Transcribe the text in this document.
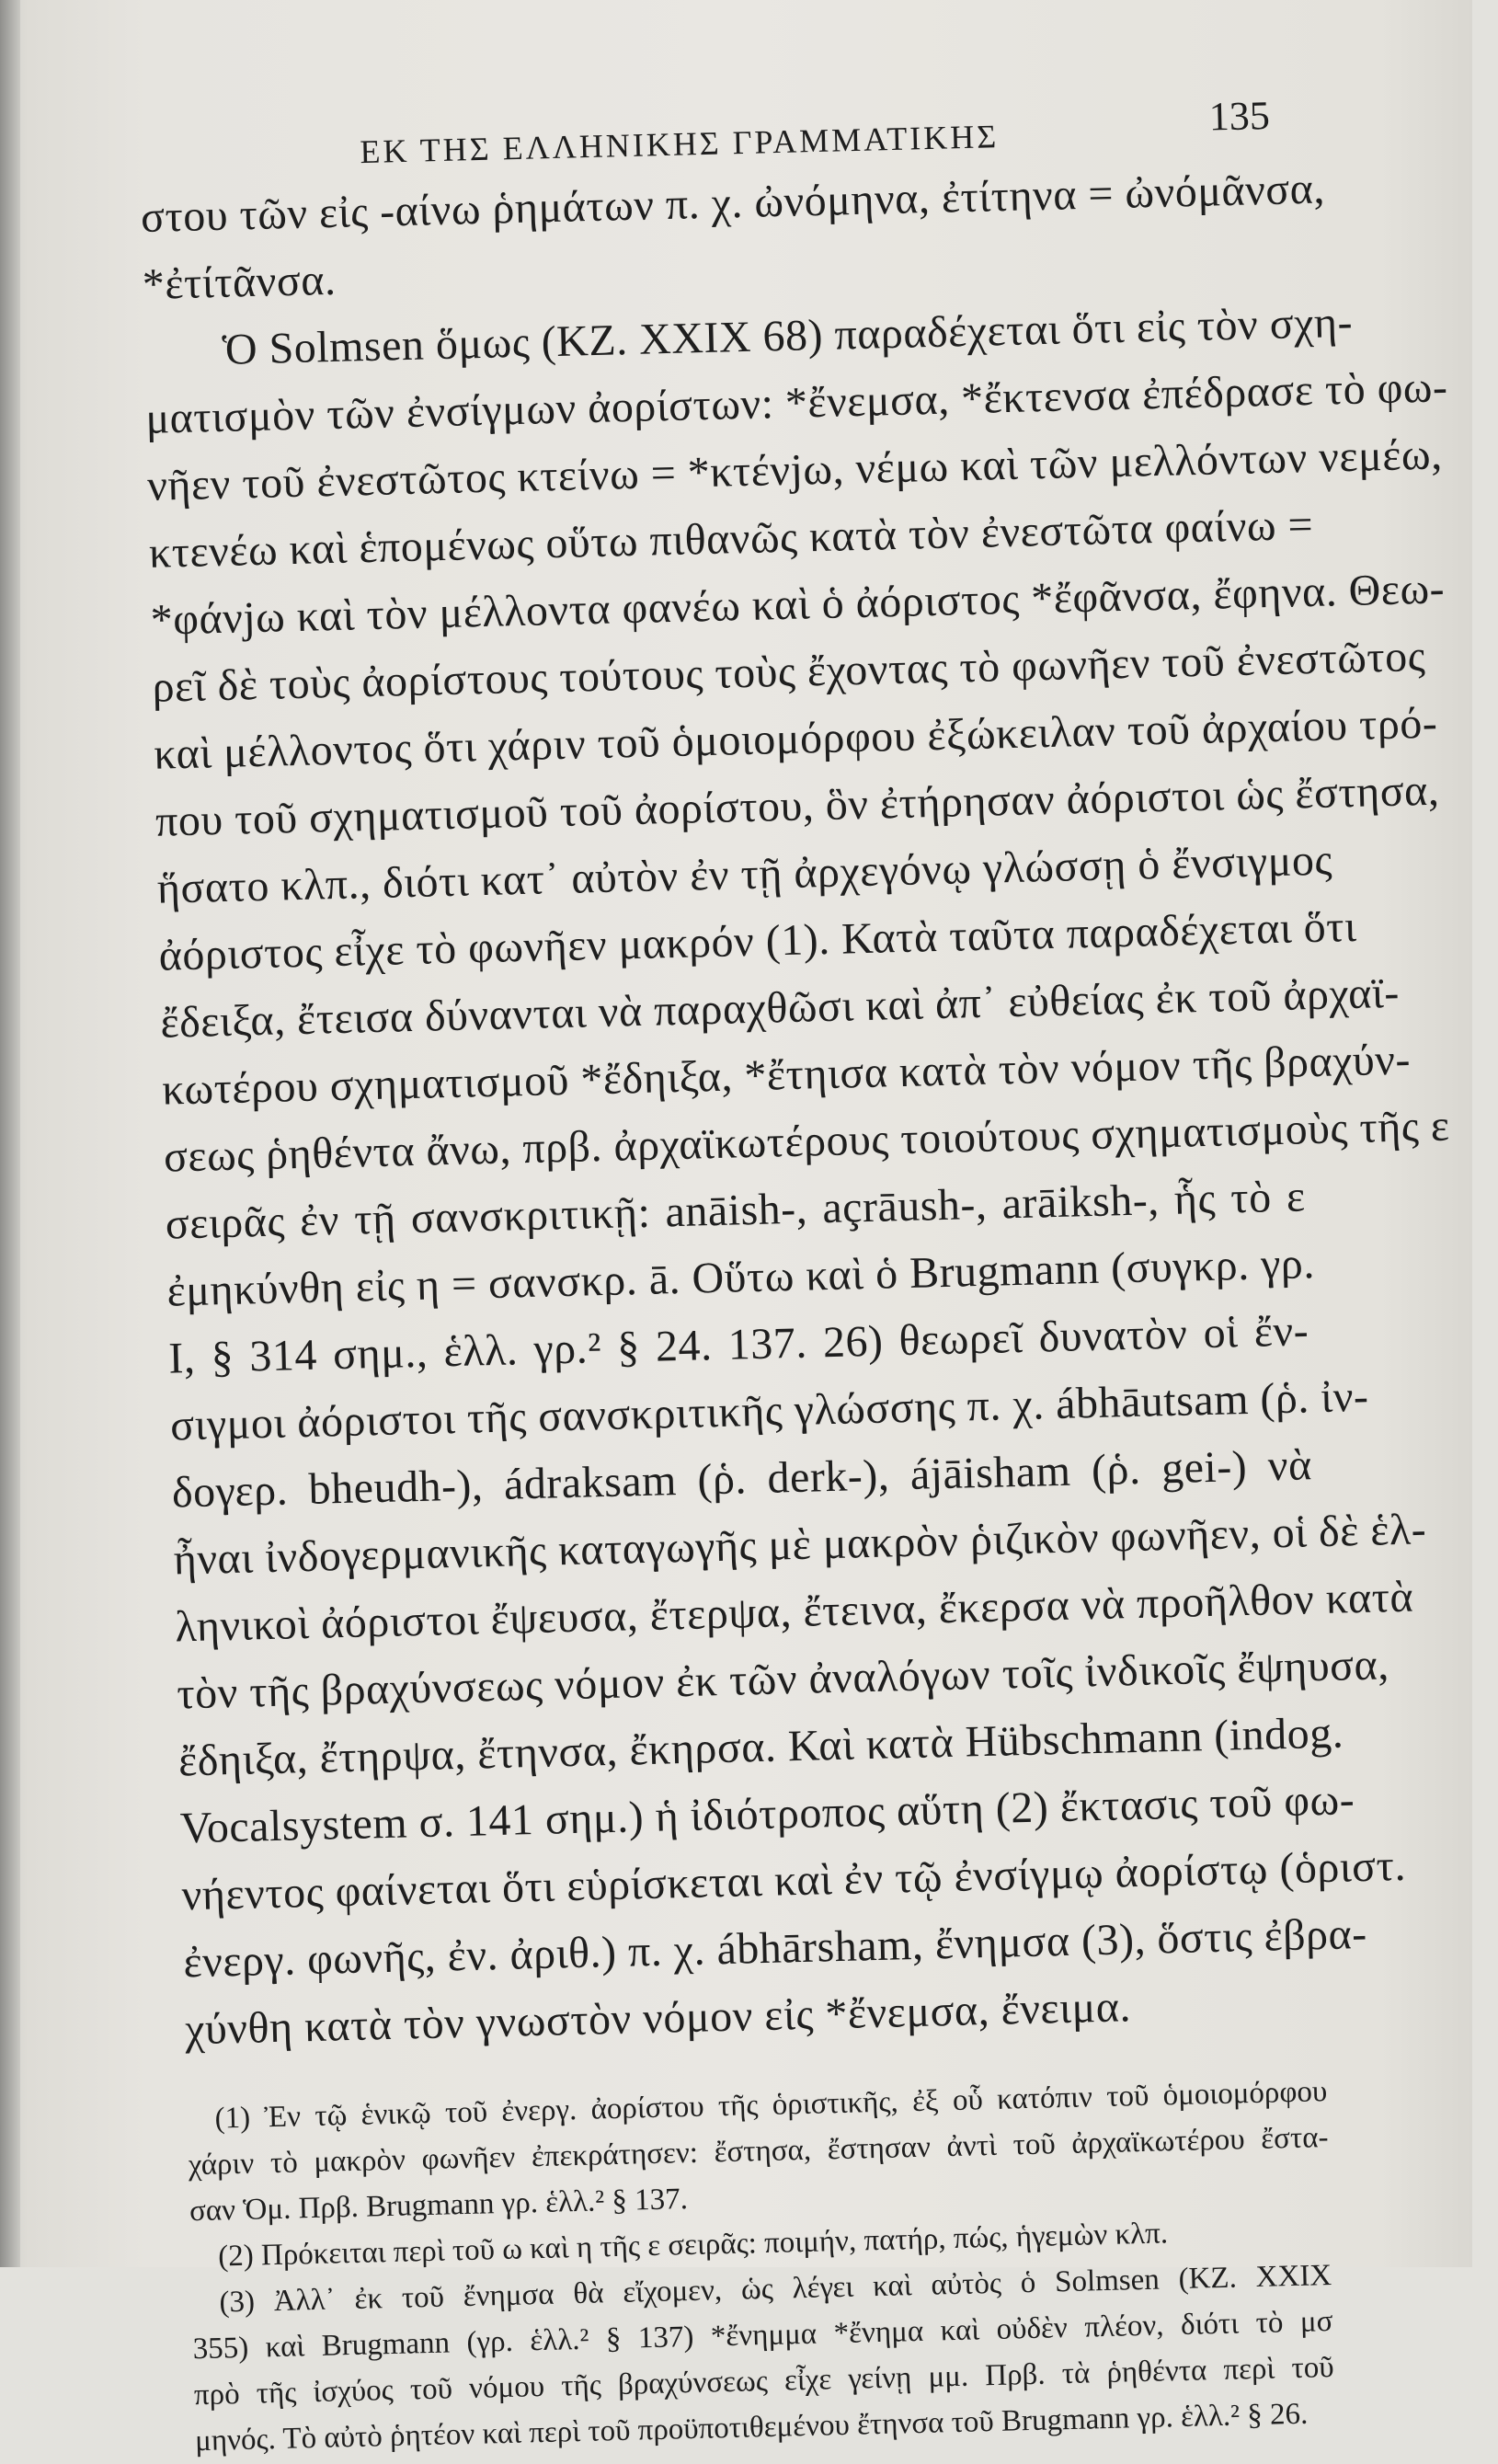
ΕΚ ΤΗΣ ΕΛΛΗΝΙΚΗΣ ΓΡΑΜΜΑΤΙΚΗΣ
135

στου τῶν εἰς -αίνω ῥημάτων π. χ. ὠνόμηνα, ἐτίτηνα = ὠνόμᾶνσα,

*ἐτίτᾶνσα.

Ὁ Solmsen ὅμως (KZ. XXIX 68) παραδέχεται ὅτι εἰς τὸν σχη-

ματισμὸν τῶν ἐνσίγμων ἀορίστων: *ἔνεμσα, *ἔκτενσα ἐπέδρασε τὸ φω-

νῆεν τοῦ ἐνεστῶτος κτείνω = *κτένjω, νέμω καὶ τῶν μελλόντων νεμέω,

κτενέω καὶ ἑπομένως οὕτω πιθανῶς κατὰ τὸν ἐνεστῶτα φαίνω =

*φάνjω καὶ τὸν μέλλοντα φανέω καὶ ὁ ἀόριστος *ἔφᾶνσα, ἔφηνα. Θεω-

ρεῖ δὲ τοὺς ἀορίστους τούτους τοὺς ἔχοντας τὸ φωνῆεν τοῦ ἐνεστῶτος

καὶ μέλλοντος ὅτι χάριν τοῦ ὁμοιομόρφου ἐξώκειλαν τοῦ ἀρχαίου τρό-

που τοῦ σχηματισμοῦ τοῦ ἀορίστου, ὃν ἐτήρησαν ἀόριστοι ὡς ἔστησα,

ἥσατο κλπ., διότι κατ᾿ αὐτὸν ἐν τῇ ἀρχεγόνῳ γλώσσῃ ὁ ἔνσιγμος

ἀόριστος εἶχε τὸ φωνῆεν μακρόν (1). Κατὰ ταῦτα παραδέχεται ὅτι

ἔδειξα, ἔτεισα δύνανται νὰ παραχθῶσι καὶ ἀπ᾿ εὐθείας ἐκ τοῦ ἀρχαϊ-

κωτέρου σχηματισμοῦ *ἔδηιξα, *ἔτηισα κατὰ τὸν νόμον τῆς βραχύν-

σεως ῥηθέντα ἄνω, πρβ. ἀρχαϊκωτέρους τοιούτους σχηματισμοὺς τῆς ε

σειρᾶς ἐν τῇ σανσκριτικῇ: anāish-, açrāush-, arāiksh-, ἧς τὸ ε

ἐμηκύνθη εἰς η = σανσκρ. ā. Οὕτω καὶ ὁ Brugmann (συγκρ. γρ.

I, § 314 σημ., ἑλλ. γρ.² § 24. 137. 26) θεωρεῖ δυνατὸν οἱ ἔν-

σιγμοι ἀόριστοι τῆς σανσκριτικῆς γλώσσης π. χ. ábhāutsam (ῥ. ἰν-

δογερ. bheudh-), ádraksam (ῥ. derk-), ájāisham (ῥ. gei-) νὰ

ἦναι ἰνδογερμανικῆς καταγωγῆς μὲ μακρὸν ῥιζικὸν φωνῆεν, οἱ δὲ ἑλ-

ληνικοὶ ἀόριστοι ἔψευσα, ἔτερψα, ἔτεινα, ἔκερσα νὰ προῆλθον κατὰ

τὸν τῆς βραχύνσεως νόμον ἐκ τῶν ἀναλόγων τοῖς ἰνδικοῖς ἔψηυσα,

ἔδηιξα, ἔτηρψα, ἔτηνσα, ἔκηρσα. Καὶ κατὰ Hübschmann (indog.

Vocalsystem σ. 141 σημ.) ἡ ἰδιότροπος αὕτη (2) ἔκτασις τοῦ φω-

νήεντος φαίνεται ὅτι εὑρίσκεται καὶ ἐν τῷ ἐνσίγμῳ ἀορίστῳ (ὁριστ.

ἐνεργ. φωνῆς, ἐν. ἀριθ.) π. χ. ábhārsham, ἔνημσα (3), ὅστις ἐβρα-

χύνθη κατὰ τὸν γνωστὸν νόμον εἰς *ἔνεμσα, ἔνειμα.

(1) Ἐν τῷ ἑνικῷ τοῦ ἐνεργ. ἀορίστου τῆς ὁριστικῆς, ἐξ οὗ κατόπιν τοῦ ὁμοιομόρφου

χάριν τὸ μακρὸν φωνῆεν ἐπεκράτησεν: ἔστησα, ἔστησαν ἀντὶ τοῦ ἀρχαϊκωτέρου ἔστα-

σαν Ὁμ. Πρβ. Brugmann γρ. ἑλλ.² § 137.

(2) Πρόκειται περὶ τοῦ ω καὶ η τῆς ε σειρᾶς: ποιμήν, πατήρ, πώς, ἡγεμὼν κλπ.

(3) Ἀλλ᾿ ἐκ τοῦ ἔνημσα θὰ εἴχομεν, ὡς λέγει καὶ αὐτὸς ὁ Solmsen (KZ. XXIX

355) καὶ Brugmann (γρ. ἑλλ.² § 137) *ἔνημμα *ἔνημα καὶ οὐδὲν πλέον, διότι τὸ μσ

πρὸ τῆς ἰσχύος τοῦ νόμου τῆς βραχύνσεως εἶχε γείνῃ μμ. Πρβ. τὰ ῥηθέντα περὶ τοῦ

μηνός. Τὸ αὐτὸ ῥητέον καὶ περὶ τοῦ προϋποτιθεμένου ἔτηνσα τοῦ Brugmann γρ. ἑλλ.² § 26.
